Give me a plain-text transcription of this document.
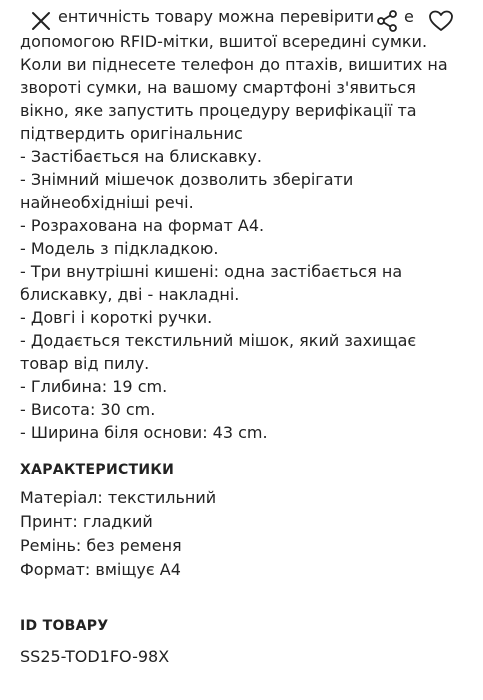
ентичність товару можна перевірити	е

допомогою RFID-мітки, вшитої всередині сумки.
Коли ви піднесете телефон до птахів, вишитих на звороті сумки, на вашому смартфоні з'явиться вікно, яке запустить процедуру верифікації та підтвердить оригінальнис
- Застібається на блискавку.
- Знімний мішечок дозволить зберігати найнеобхідніші речі.
- Розрахована на формат А4.
- Модель з підкладкою.
- Три внутрішні кишені: одна застібається на блискавку, дві - накладні.
- Довгі і короткі ручки.
- Додається текстильний мішок, який захищає товар від пилу.
- Глибина: 19 cm.
- Висота: 30 cm.
- Ширина біля основи: 43 cm.

ХАРАКТЕРИСТИКИ

Матеріал: текстильний
Принт: гладкий
Ремінь: без ременя
Формат: вміщує А4

ID ТОВАРУ
SS25-TOD1FO-98X
